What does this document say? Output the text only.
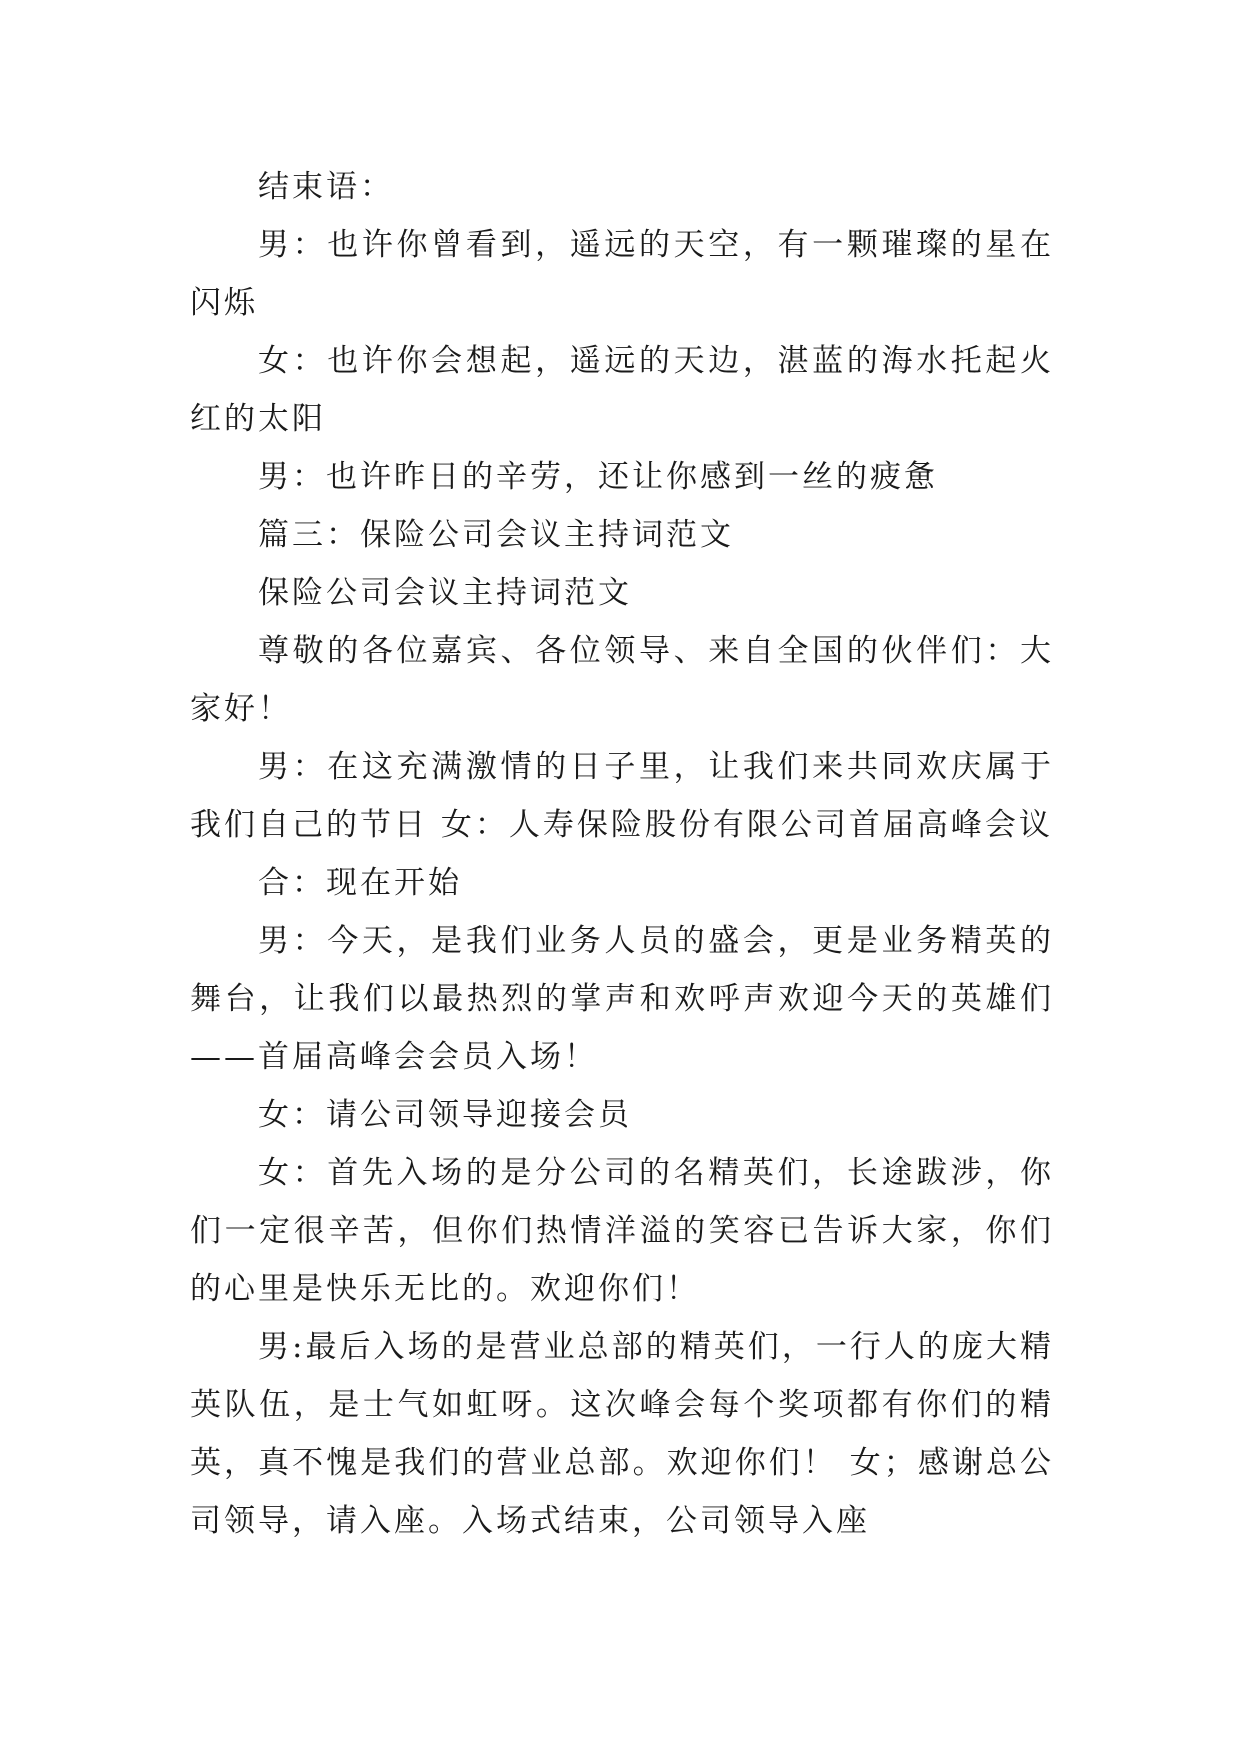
结束语：

男：也许你曾看到，遥远的天空，有一颗璀璨的星在闪烁

女：也许你会想起，遥远的天边，湛蓝的海水托起火红的太阳

男：也许昨日的辛劳，还让你感到一丝的疲惫

篇三：保险公司会议主持词范文

保险公司会议主持词范文

尊敬的各位嘉宾、各位领导、来自全国的伙伴们：大家好！

男：在这充满激情的日子里，让我们来共同欢庆属于我们自己的节日 女：人寿保险股份有限公司首届高峰会议

合：现在开始

男：今天，是我们业务人员的盛会，更是业务精英的舞台，让我们以最热烈的掌声和欢呼声欢迎今天的英雄们——首届高峰会会员入场！

女：请公司领导迎接会员

女：首先入场的是分公司的名精英们，长途跋涉，你们一定很辛苦，但你们热情洋溢的笑容已告诉大家，你们的心里是快乐无比的。欢迎你们！

男:最后入场的是营业总部的精英们，一行人的庞大精英队伍，是士气如虹呀。这次峰会每个奖项都有你们的精英，真不愧是我们的营业总部。欢迎你们！ 女；感谢总公司领导，请入座。入场式结束，公司领导入座
